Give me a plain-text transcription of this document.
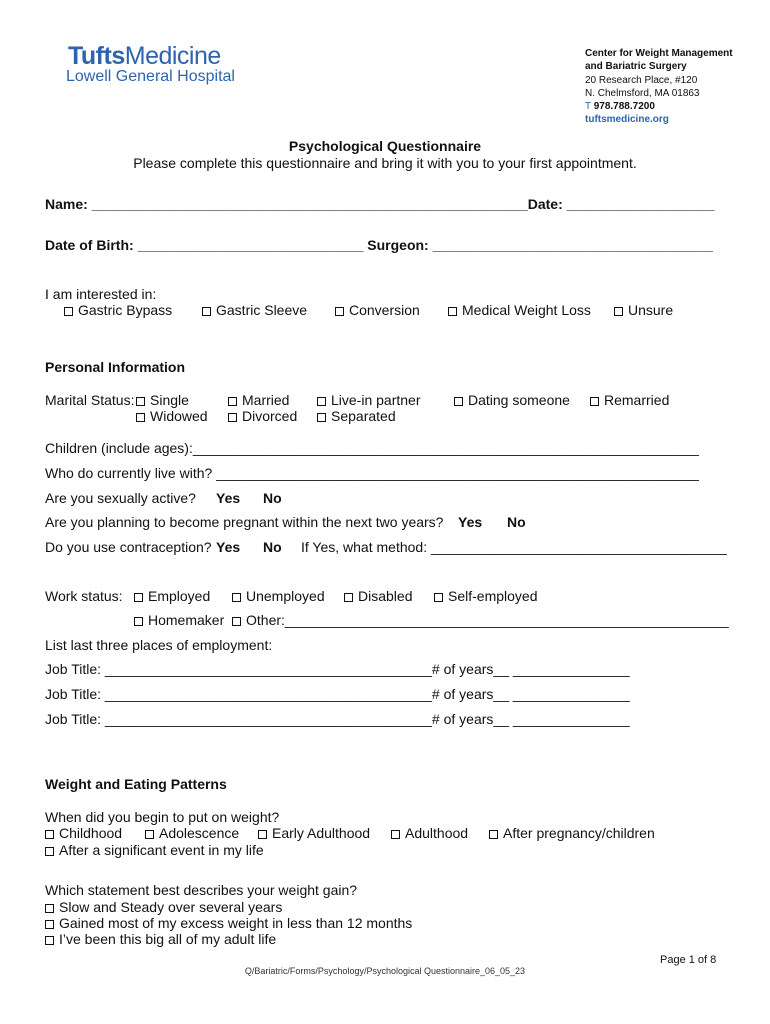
TuftsMedicine
Lowell General Hospital
Center for Weight Management
and Bariatric Surgery
20 Research Place, #120
N. Chelmsford, MA 01863
T 978.788.7200
tuftsmedicine.org
Psychological Questionnaire
Please complete this questionnaire and bring it with you to your first appointment.
Name: ________________________________________________________Date: ___________________
Date of Birth: _____________________________ Surgeon: ____________________________________
I am interested in:
Gastric Bypass	Gastric Sleeve	Conversion	Medical Weight Loss	Unsure
Personal Information
Marital Status:	Single	Married	Live-in partner	Dating someone	Remarried
Widowed	Divorced	Separated
Children (include ages):_________________________________________________________________
Who do currently live with? ______________________________________________________________
Are you sexually active? Yes No
Are you planning to become pregnant within the next two years? Yes No
Do you use contraception? Yes No If Yes, what method: ______________________________________
Work status:	Employed	Unemployed	Disabled	Self-employed
Homemaker	Other:_________________________________________________________
List last three places of employment:
Job Title: __________________________________________# of years__ _______________
Job Title: __________________________________________# of years__ _______________
Job Title: __________________________________________# of years__ _______________
Weight and Eating Patterns
When did you begin to put on weight?
Childhood	Adolescence	Early Adulthood	Adulthood	After pregnancy/children
After a significant event in my life
Which statement best describes your weight gain?
Slow and Steady over several years
Gained most of my excess weight in less than 12 months
I’ve been this big all of my adult life
Page 1 of 8
Q/Bariatric/Forms/Psychology/Psychological Questionnaire_06_05_23
